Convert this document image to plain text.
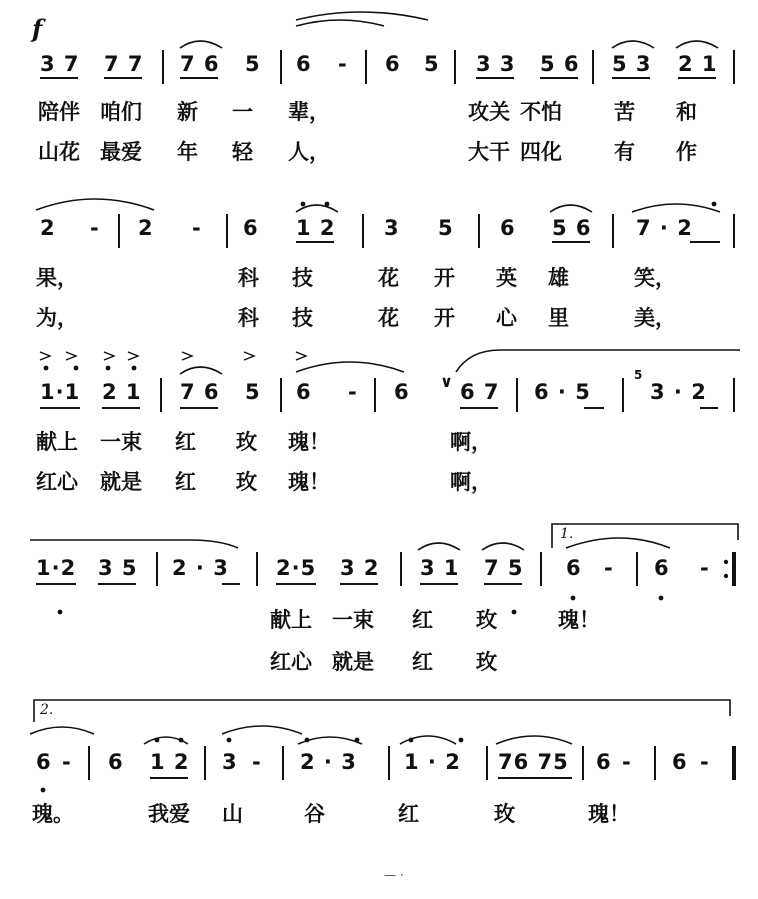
f
3 7 7 7 7 6 5 6 - 6 5 3 3 5 6 5 3 2 1
陪伴 咱们 新 一 辈，	攻关 不怕 苦 和
山花 最爱 年 轻 人，	大干 四化 有 作
2 - 2 - 6 1 2 3 5 6 5 6 7 · 2
果，	科 技	花 开 英 雄	笑，
为，	科 技	花 开 心 里	美，
1·1 2 1 7 6 5 6 - 6 6 7 6 · 5	3 · 2
献上 一束 红 玫 瑰！	啊，
红心 就是 红 玫 瑰！	啊，
1·2 3 5 2 · 3 2·5 3 2 3 1 7 5 6 - 6 -
献上 一束 红 玫	瑰！
红心 就是 红 玫
6 - 6 1 2 3 - 2 · 3 1 · 2 76 75 6 - 6 -
瑰。	我爱 山	谷	红	玫	瑰！
1.
2.
5
∨
— ·
